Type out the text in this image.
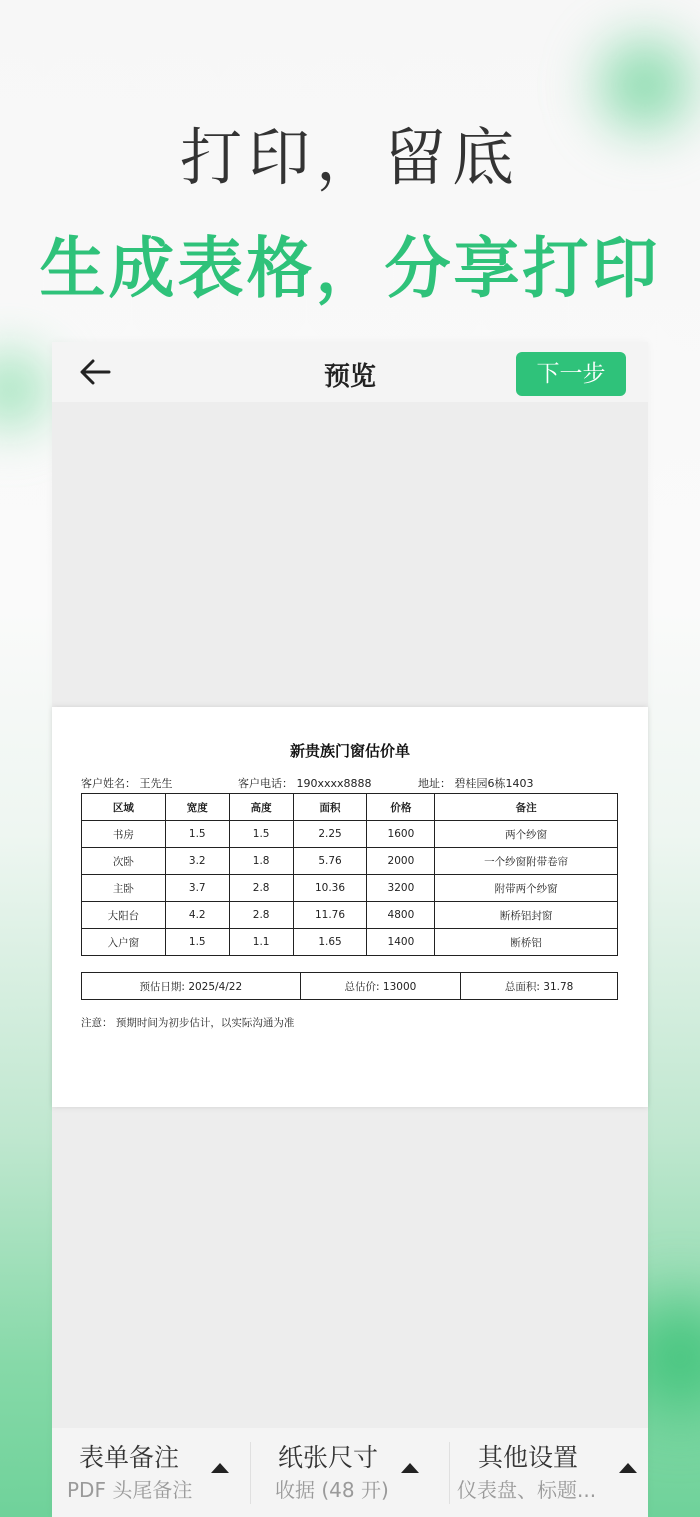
打印，留底
生成表格，分享打印
预览	下一步
新贵族门窗估价单
客户姓名： 王先生	客户电话： 190xxxx8888	地址： 碧桂园6栋1403
区域	宽度	高度	面积	价格	备注
书房	1.5	1.5	2.25	1600	两个纱窗
次卧	3.2	1.8	5.76	2000	一个纱窗附带卷帘
主卧	3.7	2.8	10.36	3200	附带两个纱窗
大阳台	4.2	2.8	11.76	4800	断桥铝封窗
入户窗	1.5	1.1	1.65	1400	断桥铝
预估日期: 2025/4/22	总估价: 13000	总面积: 31.78
注意： 预期时间为初步估计，以实际沟通为准
表单备注
PDF 头尾备注
纸张尺寸
收据 (48 开)
其他设置
仪表盘、标题...
